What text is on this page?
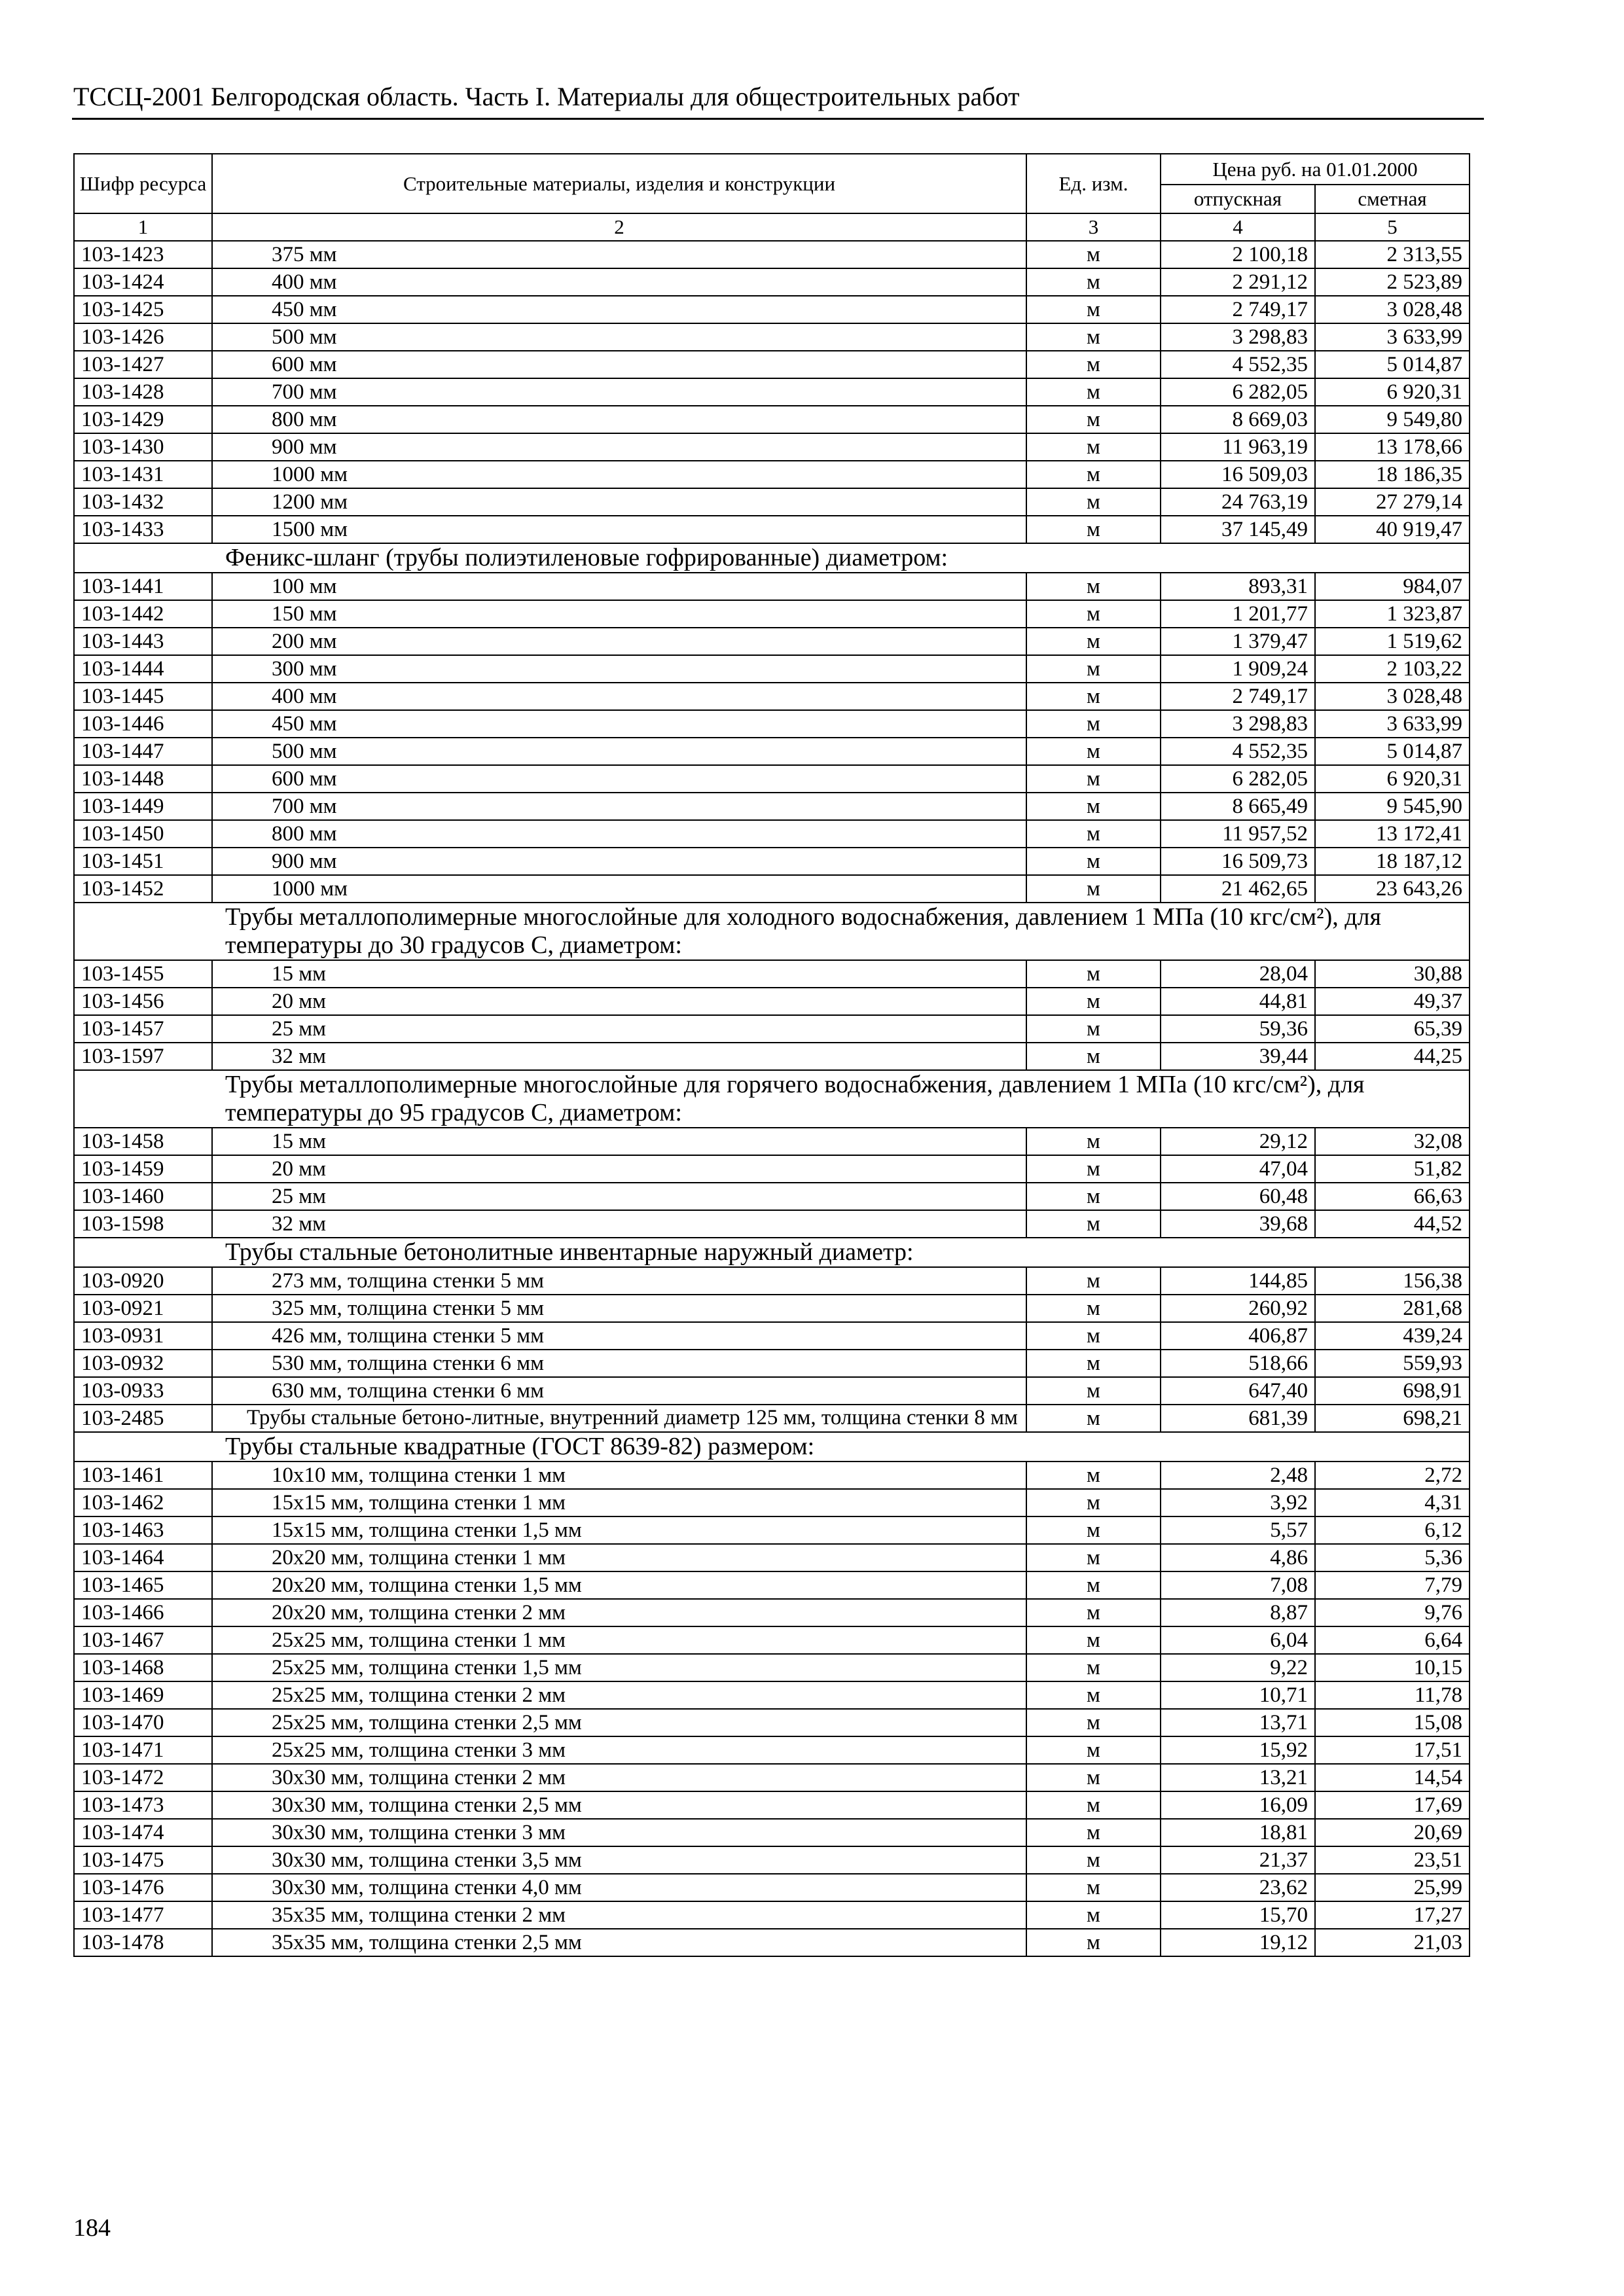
ТССЦ-2001 Белгородская область. Часть I. Материалы для общестроительных работ
Шифр ресурса	Строительные материалы, изделия и конструкции	Ед. изм.	Цена руб. на 01.01.2000	
			отпускная	сметная
1	2	3	4	5
103-1423	375 мм	м	2 100,18	2 313,55
103-1424	400 мм	м	2 291,12	2 523,89
103-1425	450 мм	м	2 749,17	3 028,48
103-1426	500 мм	м	3 298,83	3 633,99
103-1427	600 мм	м	4 552,35	5 014,87
103-1428	700 мм	м	6 282,05	6 920,31
103-1429	800 мм	м	8 669,03	9 549,80
103-1430	900 мм	м	11 963,19	13 178,66
103-1431	1000 мм	м	16 509,03	18 186,35
103-1432	1200 мм	м	24 763,19	27 279,14
103-1433	1500 мм	м	37 145,49	40 919,47
Феникс-шланг (трубы полиэтиленовые гофрированные) диаметром:				
103-1441	100 мм	м	893,31	984,07
103-1442	150 мм	м	1 201,77	1 323,87
103-1443	200 мм	м	1 379,47	1 519,62
103-1444	300 мм	м	1 909,24	2 103,22
103-1445	400 мм	м	2 749,17	3 028,48
103-1446	450 мм	м	3 298,83	3 633,99
103-1447	500 мм	м	4 552,35	5 014,87
103-1448	600 мм	м	6 282,05	6 920,31
103-1449	700 мм	м	8 665,49	9 545,90
103-1450	800 мм	м	11 957,52	13 172,41
103-1451	900 мм	м	16 509,73	18 187,12
103-1452	1000 мм	м	21 462,65	23 643,26
Трубы металлополимерные многослойные для холодного водоснабжения, давлением 1 МПа (10 кгс/см²), для температуры до 30 градусов С, диаметром:				
103-1455	15 мм	м	28,04	30,88
103-1456	20 мм	м	44,81	49,37
103-1457	25 мм	м	59,36	65,39
103-1597	32 мм	м	39,44	44,25
Трубы металлополимерные многослойные для горячего водоснабжения, давлением 1 МПа (10 кгс/см²), для температуры до 95 градусов С, диаметром:				
103-1458	15 мм	м	29,12	32,08
103-1459	20 мм	м	47,04	51,82
103-1460	25 мм	м	60,48	66,63
103-1598	32 мм	м	39,68	44,52
Трубы стальные бетонолитные инвентарные наружный диаметр:				
103-0920	273 мм, толщина стенки 5 мм	м	144,85	156,38
103-0921	325 мм, толщина стенки 5 мм	м	260,92	281,68
103-0931	426 мм, толщина стенки 5 мм	м	406,87	439,24
103-0932	530 мм, толщина стенки 6 мм	м	518,66	559,93
103-0933	630 мм, толщина стенки 6 мм	м	647,40	698,91
103-2485	Трубы стальные бетоно-литные, внутренний диаметр 125 мм, толщина стенки 8 мм	м	681,39	698,21
Трубы стальные квадратные (ГОСТ 8639-82) размером:				
103-1461	10x10 мм, толщина стенки 1 мм	м	2,48	2,72
103-1462	15x15 мм, толщина стенки 1 мм	м	3,92	4,31
103-1463	15x15 мм, толщина стенки 1,5 мм	м	5,57	6,12
103-1464	20x20 мм, толщина стенки 1 мм	м	4,86	5,36
103-1465	20x20 мм, толщина стенки 1,5 мм	м	7,08	7,79
103-1466	20x20 мм, толщина стенки 2 мм	м	8,87	9,76
103-1467	25x25 мм, толщина стенки 1 мм	м	6,04	6,64
103-1468	25x25 мм, толщина стенки 1,5 мм	м	9,22	10,15
103-1469	25x25 мм, толщина стенки 2 мм	м	10,71	11,78
103-1470	25x25 мм, толщина стенки 2,5 мм	м	13,71	15,08
103-1471	25x25 мм, толщина стенки 3 мм	м	15,92	17,51
103-1472	30x30 мм, толщина стенки 2 мм	м	13,21	14,54
103-1473	30x30 мм, толщина стенки 2,5 мм	м	16,09	17,69
103-1474	30x30 мм, толщина стенки 3 мм	м	18,81	20,69
103-1475	30x30 мм, толщина стенки 3,5 мм	м	21,37	23,51
103-1476	30x30 мм, толщина стенки 4,0 мм	м	23,62	25,99
103-1477	35x35 мм, толщина стенки 2 мм	м	15,70	17,27
103-1478	35x35 мм, толщина стенки 2,5 мм	м	19,12	21,03
184
